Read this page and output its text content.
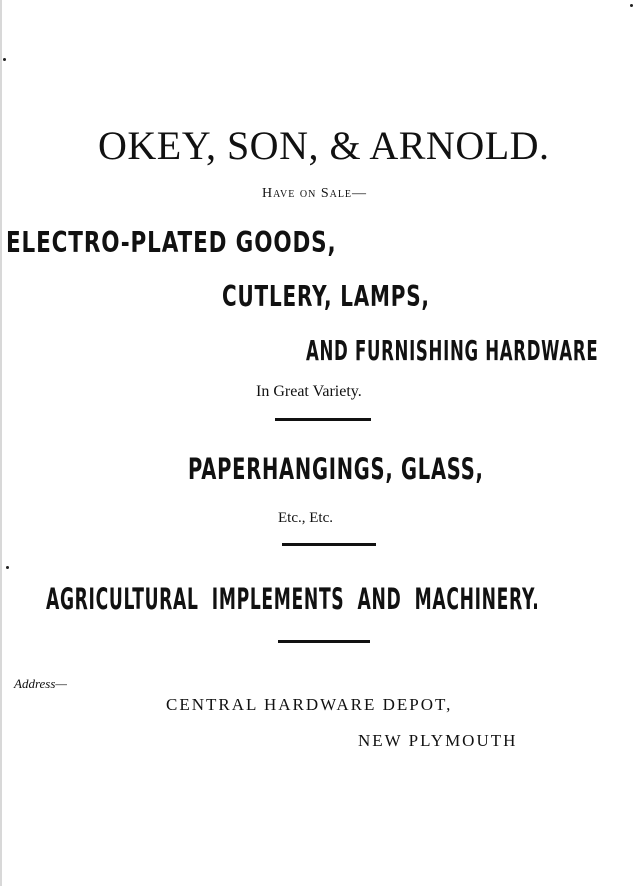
OKEY, SON, & ARNOLD.
Have on Sale—
ELECTRO-PLATED GOODS,
CUTLERY, LAMPS,
AND FURNISHING HARDWARE
In Great Variety.
PAPERHANGINGS, GLASS,
Etc., Etc.
AGRICULTURAL IMPLEMENTS AND MACHINERY.
Address—
CENTRAL HARDWARE DEPOT,
NEW PLYMOUTH
